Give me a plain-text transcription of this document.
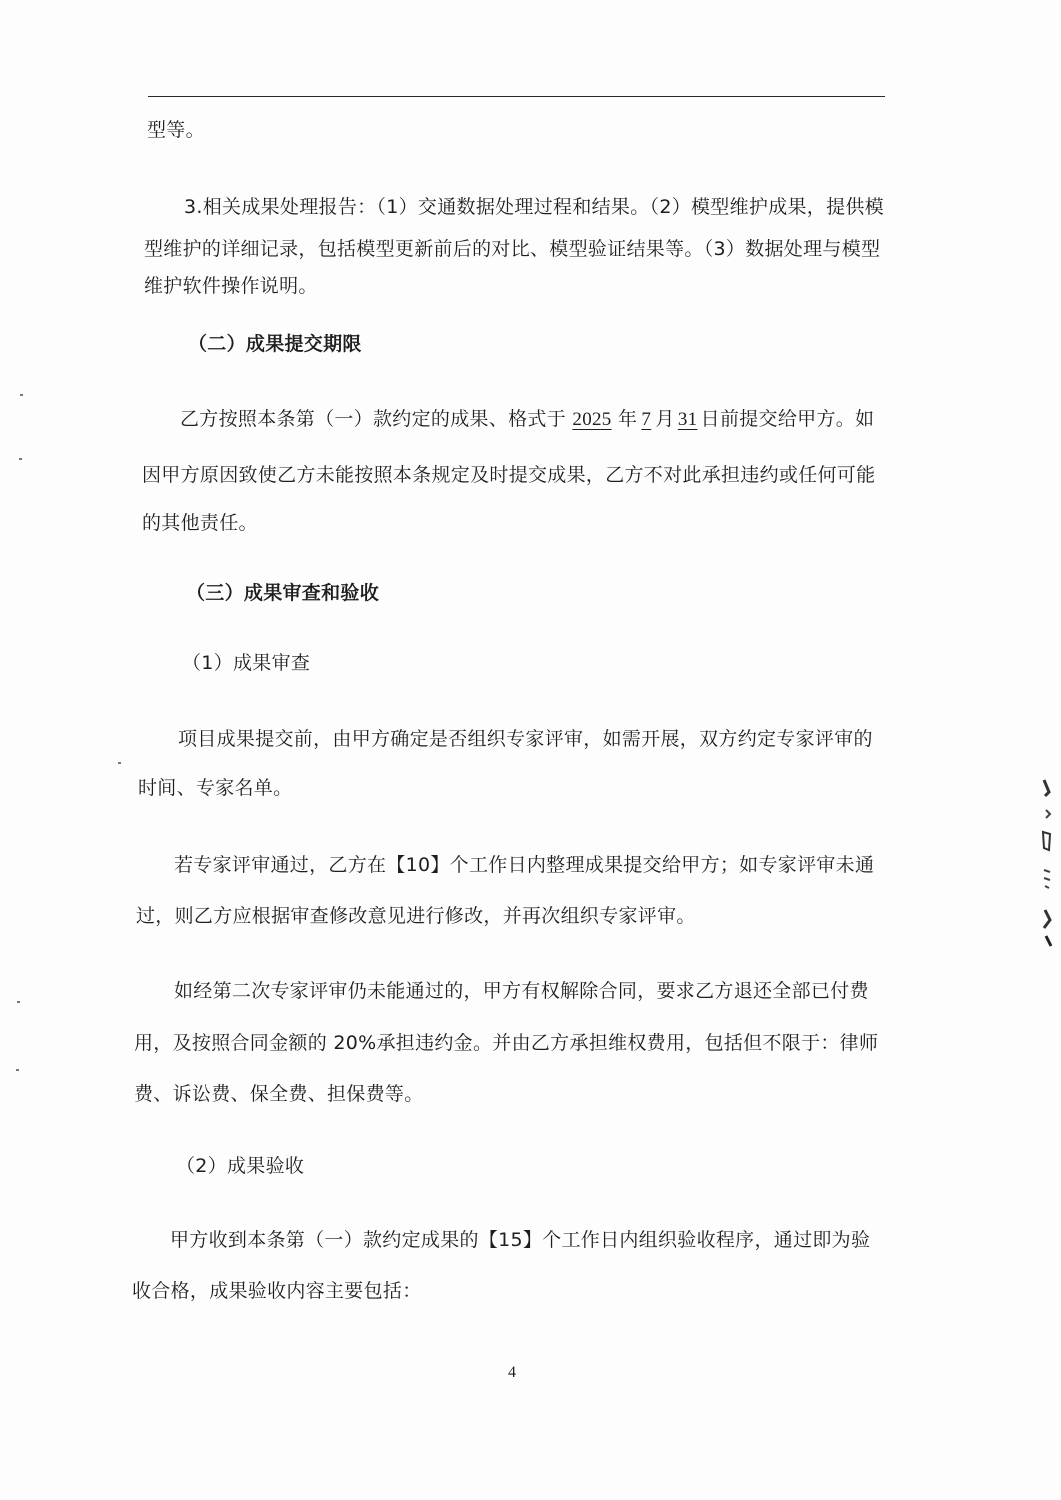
型等。
3.相关成果处理报告：（1）交通数据处理过程和结果。（2）模型维护成果，提供模
型维护的详细记录，包括模型更新前后的对比、模型验证结果等。（3）数据处理与模型
维护软件操作说明。
（二）成果提交期限
乙方按照本条第（一）款约定的成果、格式于 2025 年 7 月 31 日前提交给甲方。如
因甲方原因致使乙方未能按照本条规定及时提交成果，乙方不对此承担违约或任何可能
的其他责任。
（三）成果审查和验收
（1）成果审查
项目成果提交前，由甲方确定是否组织专家评审，如需开展，双方约定专家评审的
时间、专家名单。
若专家评审通过，乙方在【10】个工作日内整理成果提交给甲方；如专家评审未通
过，则乙方应根据审查修改意见进行修改，并再次组织专家评审。
如经第二次专家评审仍未能通过的，甲方有权解除合同，要求乙方退还全部已付费
用，及按照合同金额的 20%承担违约金。并由乙方承担维权费用，包括但不限于：律师
费、诉讼费、保全费、担保费等。
（2）成果验收
甲方收到本条第（一）款约定成果的【15】个工作日内组织验收程序，通过即为验
收合格，成果验收内容主要包括：
4
